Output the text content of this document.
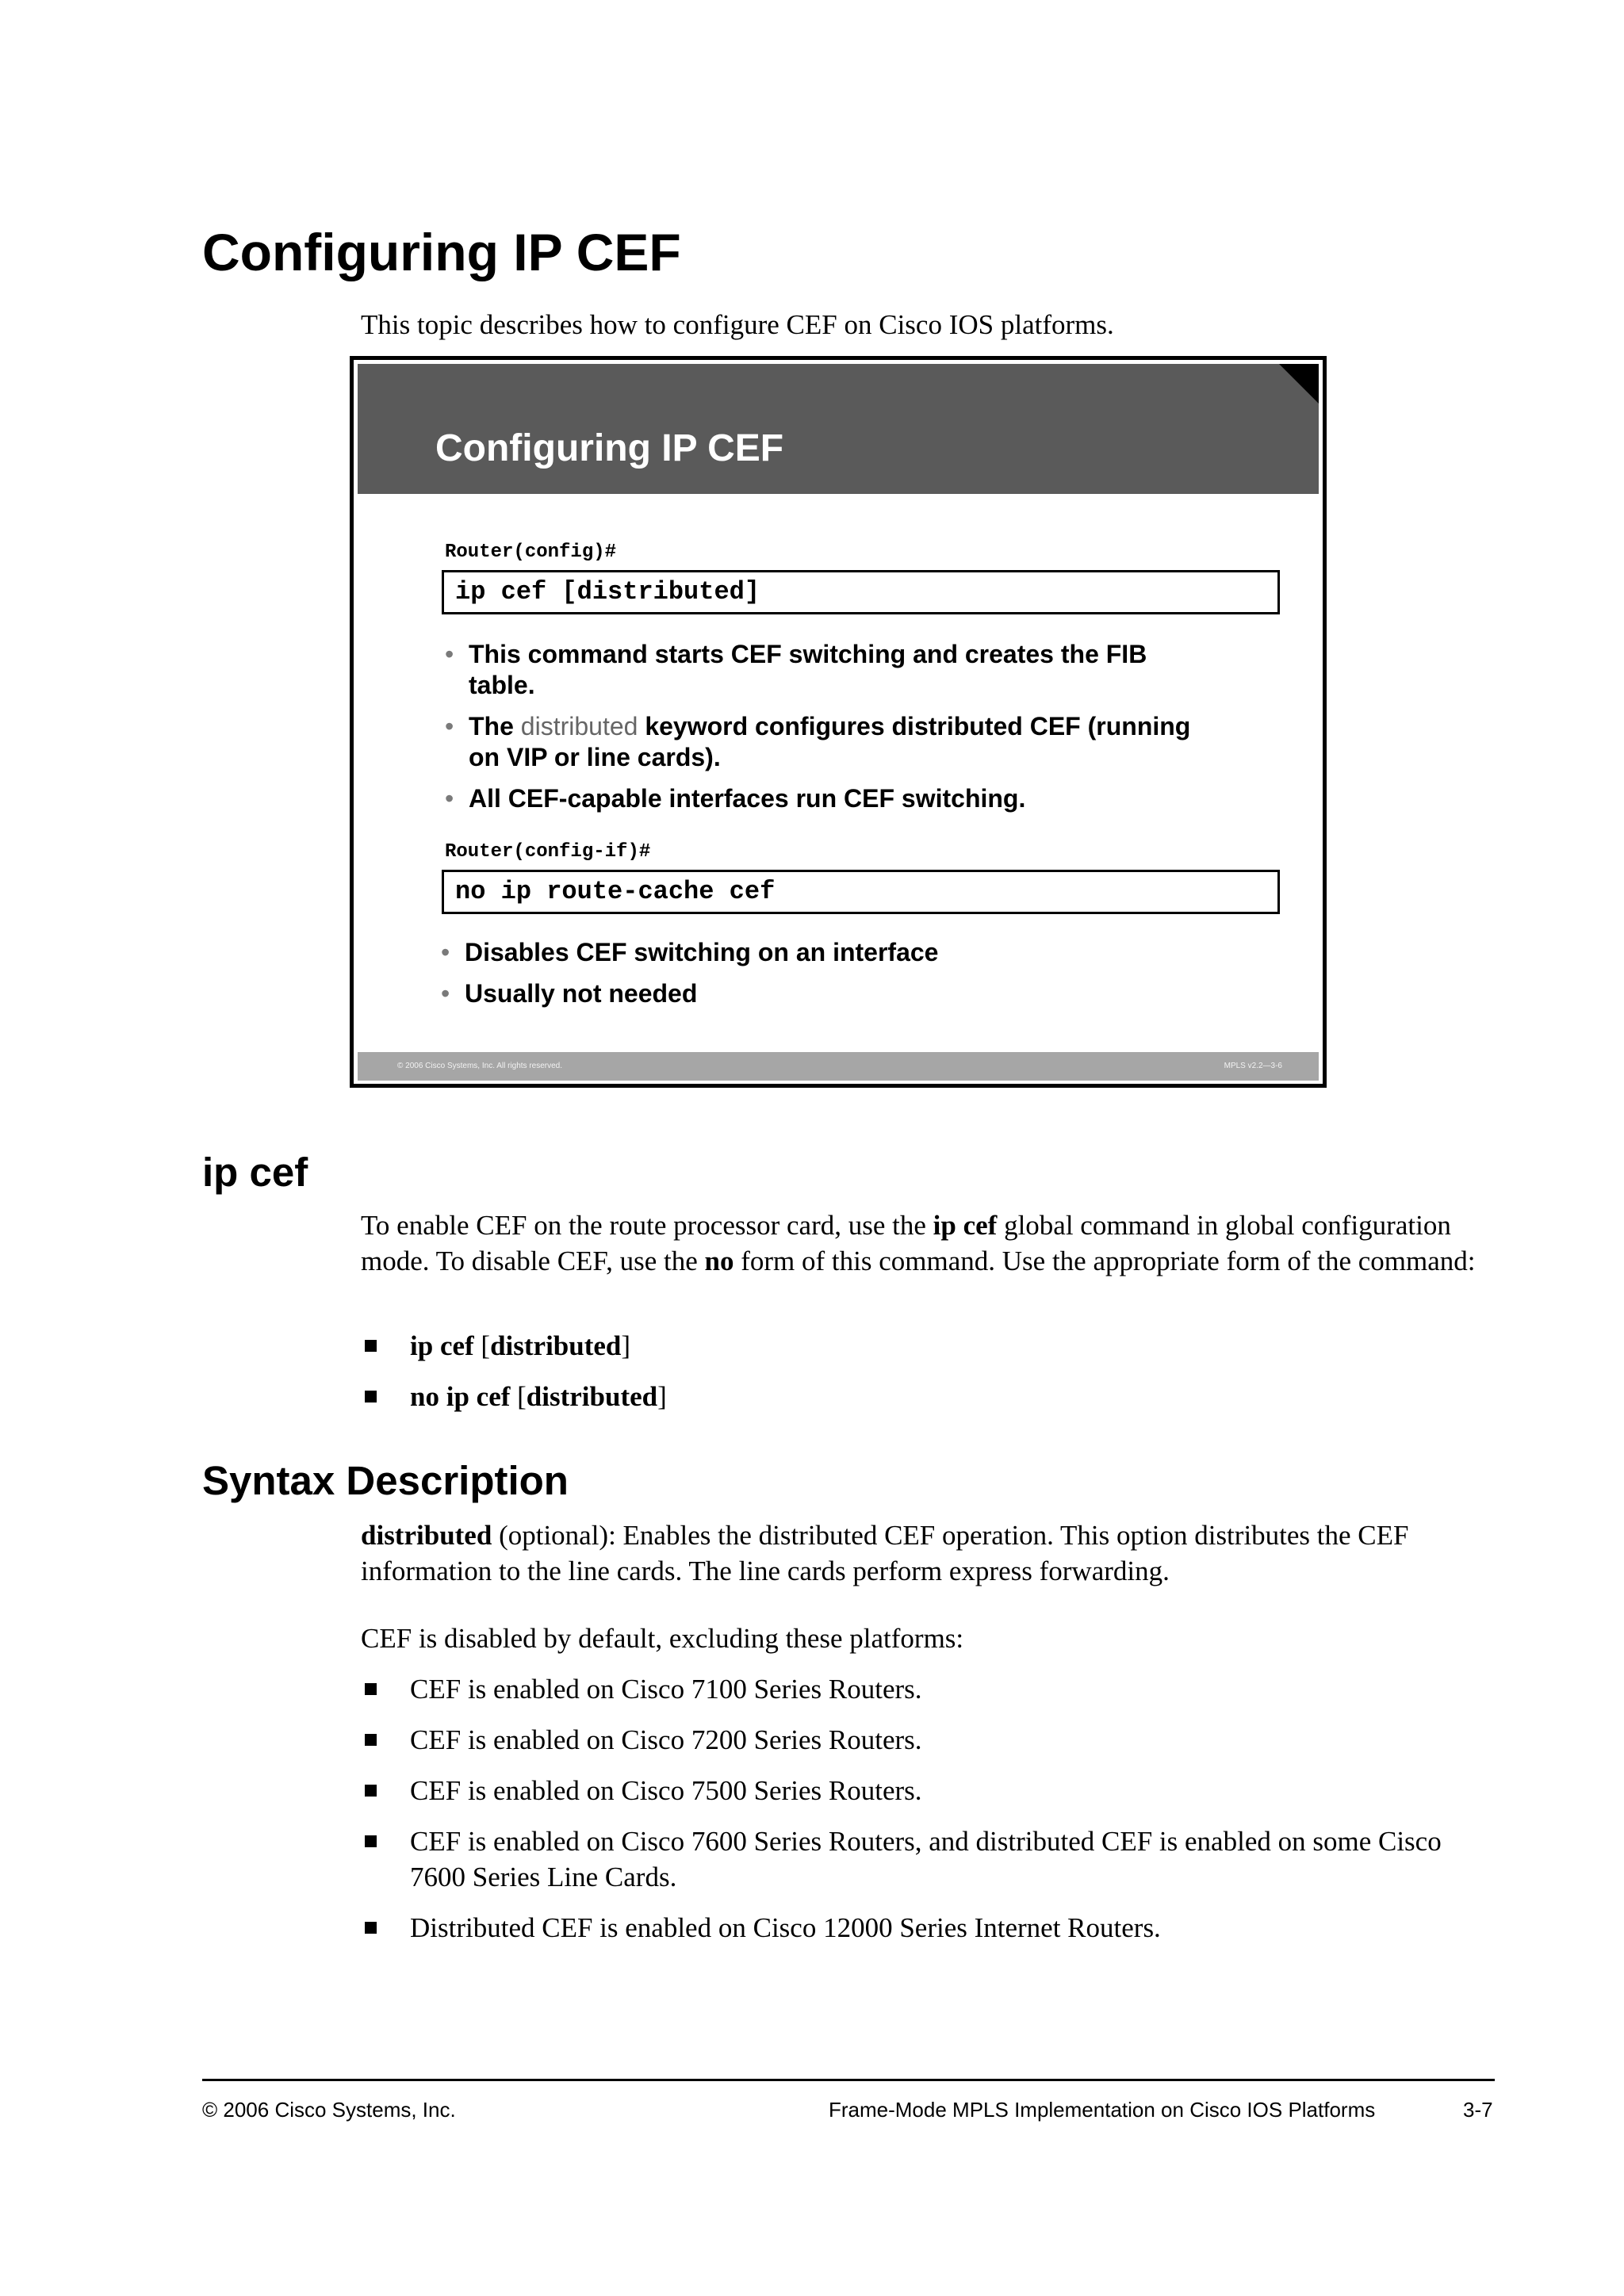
Configuring IP CEF

This topic describes how to configure CEF on Cisco IOS platforms.

Configuring IP CEF
Router(config)#
ip cef [distributed]
• This command starts CEF switching and creates the FIB table.
• The distributed keyword configures distributed CEF (running on VIP or line cards).
• All CEF-capable interfaces run CEF switching.
Router(config-if)#
no ip route-cache cef
• Disables CEF switching on an interface
• Usually not needed
© 2006 Cisco Systems, Inc. All rights reserved.	MPLS v2.2—3-6
ip cef

To enable CEF on the route processor card, use the ip cef global command in global configuration mode. To disable CEF, use the no form of this command. Use the appropriate form of the command:

ip cef [distributed]
no ip cef [distributed]
Syntax Description

distributed (optional): Enables the distributed CEF operation. This option distributes the CEF information to the line cards. The line cards perform express forwarding.

CEF is disabled by default, excluding these platforms:

CEF is enabled on Cisco 7100 Series Routers.
CEF is enabled on Cisco 7200 Series Routers.
CEF is enabled on Cisco 7500 Series Routers.
CEF is enabled on Cisco 7600 Series Routers, and distributed CEF is enabled on some Cisco 7600 Series Line Cards.
Distributed CEF is enabled on Cisco 12000 Series Internet Routers.
© 2006 Cisco Systems, Inc.	Frame-Mode MPLS Implementation on Cisco IOS Platforms	3-7
